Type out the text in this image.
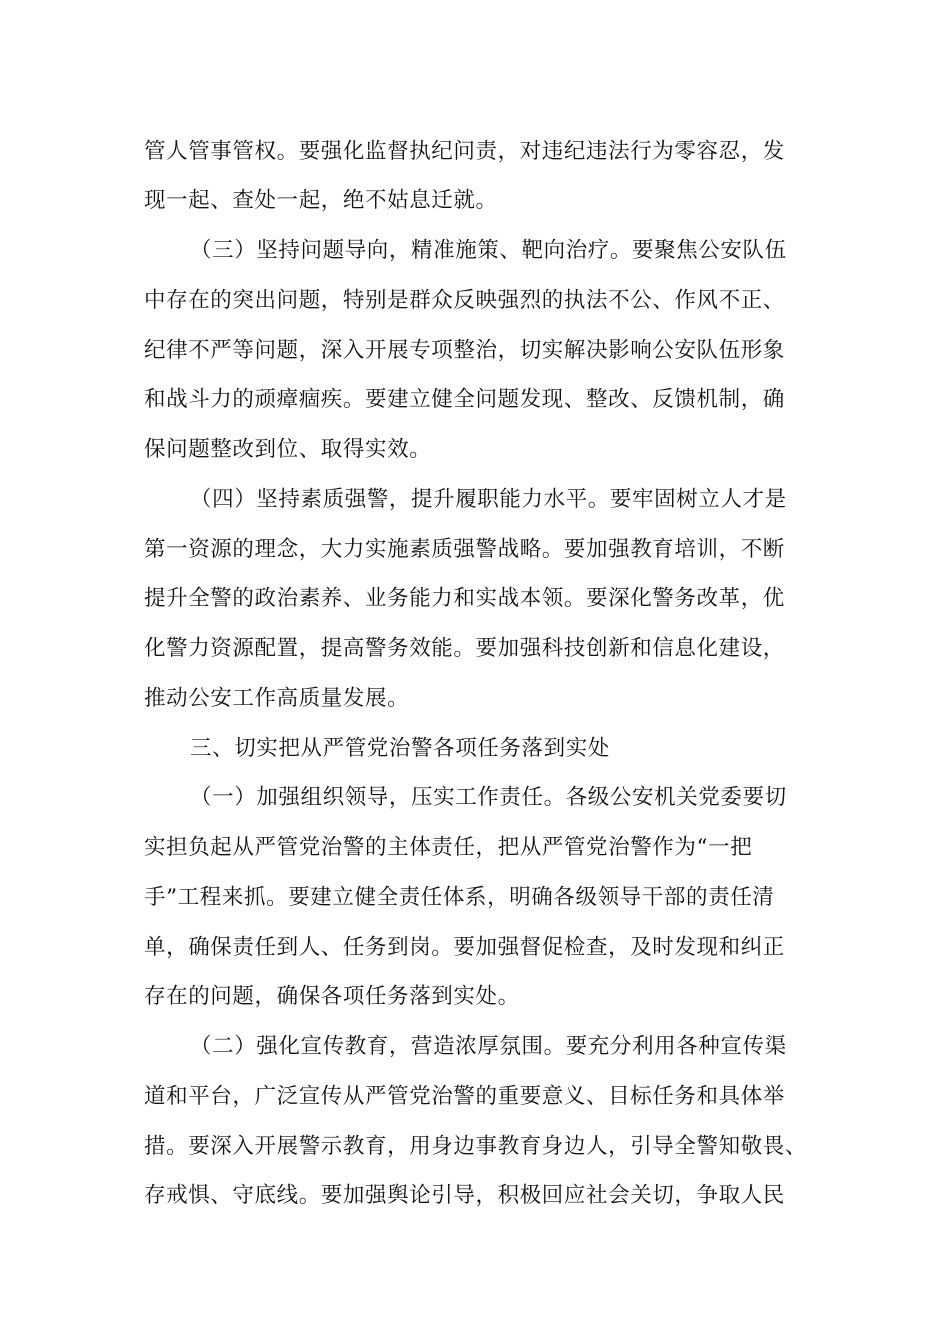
管人管事管权。要强化监督执纪问责，对违纪违法行为零容忍，发
现一起、查处一起，绝不姑息迁就。
（三）坚持问题导向，精准施策、靶向治疗。要聚焦公安队伍
中存在的突出问题，特别是群众反映强烈的执法不公、作风不正、
纪律不严等问题，深入开展专项整治，切实解决影响公安队伍形象
和战斗力的顽瘴痼疾。要建立健全问题发现、整改、反馈机制，确
保问题整改到位、取得实效。
（四）坚持素质强警，提升履职能力水平。要牢固树立人才是
第一资源的理念，大力实施素质强警战略。要加强教育培训，不断
提升全警的政治素养、业务能力和实战本领。要深化警务改革，优
化警力资源配置，提高警务效能。要加强科技创新和信息化建设，
推动公安工作高质量发展。
三、切实把从严管党治警各项任务落到实处
（一）加强组织领导，压实工作责任。各级公安机关党委要切
实担负起从严管党治警的主体责任，把从严管党治警作为“一把
手”工程来抓。要建立健全责任体系，明确各级领导干部的责任清
单，确保责任到人、任务到岗。要加强督促检查，及时发现和纠正
存在的问题，确保各项任务落到实处。
（二）强化宣传教育，营造浓厚氛围。要充分利用各种宣传渠
道和平台，广泛宣传从严管党治警的重要意义、目标任务和具体举
措。要深入开展警示教育，用身边事教育身边人，引导全警知敬畏、
存戒惧、守底线。要加强舆论引导，积极回应社会关切，争取人民
